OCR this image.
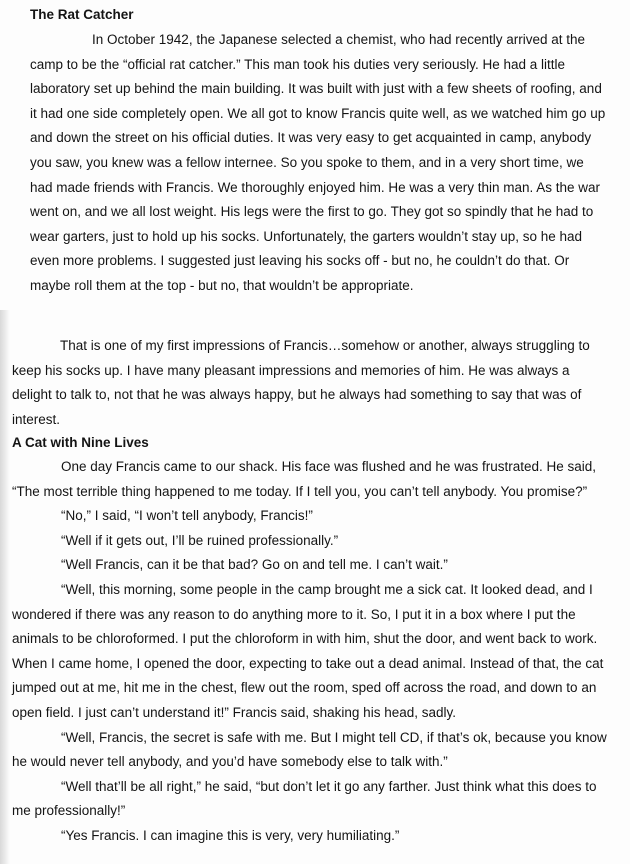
The Rat Catcher

In October 1942, the Japanese selected a chemist, who had recently arrived at the camp to be the “official rat catcher.” This man took his duties very seriously. He had a little laboratory set up behind the main building. It was built with just with a few sheets of roofing, and it had one side completely open. We all got to know Francis quite well, as we watched him go up and down the street on his official duties. It was very easy to get acquainted in camp, anybody you saw, you knew was a fellow internee. So you spoke to them, and in a very short time, we had made friends with Francis. We thoroughly enjoyed him. He was a very thin man. As the war went on, and we all lost weight. His legs were the first to go. They got so spindly that he had to wear garters, just to hold up his socks. Unfortunately, the garters wouldn’t stay up, so he had even more problems. I suggested just leaving his socks off - but no, he couldn’t do that. Or maybe roll them at the top - but no, that wouldn’t be appropriate.

That is one of my first impressions of Francis…somehow or another, always struggling to keep his socks up. I have many pleasant impressions and memories of him. He was always a delight to talk to, not that he was always happy, but he always had something to say that was of interest.

A Cat with Nine Lives

One day Francis came to our shack. His face was flushed and he was frustrated. He said, “The most terrible thing happened to me today. If I tell you, you can’t tell anybody. You promise?”

“No,” I said, “I won’t tell anybody, Francis!”

“Well if it gets out, I’ll be ruined professionally.”

“Well Francis, can it be that bad? Go on and tell me. I can’t wait.”

“Well, this morning, some people in the camp brought me a sick cat. It looked dead, and I wondered if there was any reason to do anything more to it. So, I put it in a box where I put the animals to be chloroformed. I put the chloroform in with him, shut the door, and went back to work. When I came home, I opened the door, expecting to take out a dead animal. Instead of that, the cat jumped out at me, hit me in the chest, flew out the room, sped off across the road, and down to an open field. I just can’t understand it!” Francis said, shaking his head, sadly.

“Well, Francis, the secret is safe with me. But I might tell CD, if that’s ok, because you know he would never tell anybody, and you’d have somebody else to talk with.”

“Well that’ll be all right,” he said, “but don’t let it go any farther. Just think what this does to me professionally!”

“Yes Francis. I can imagine this is very, very humiliating.”
